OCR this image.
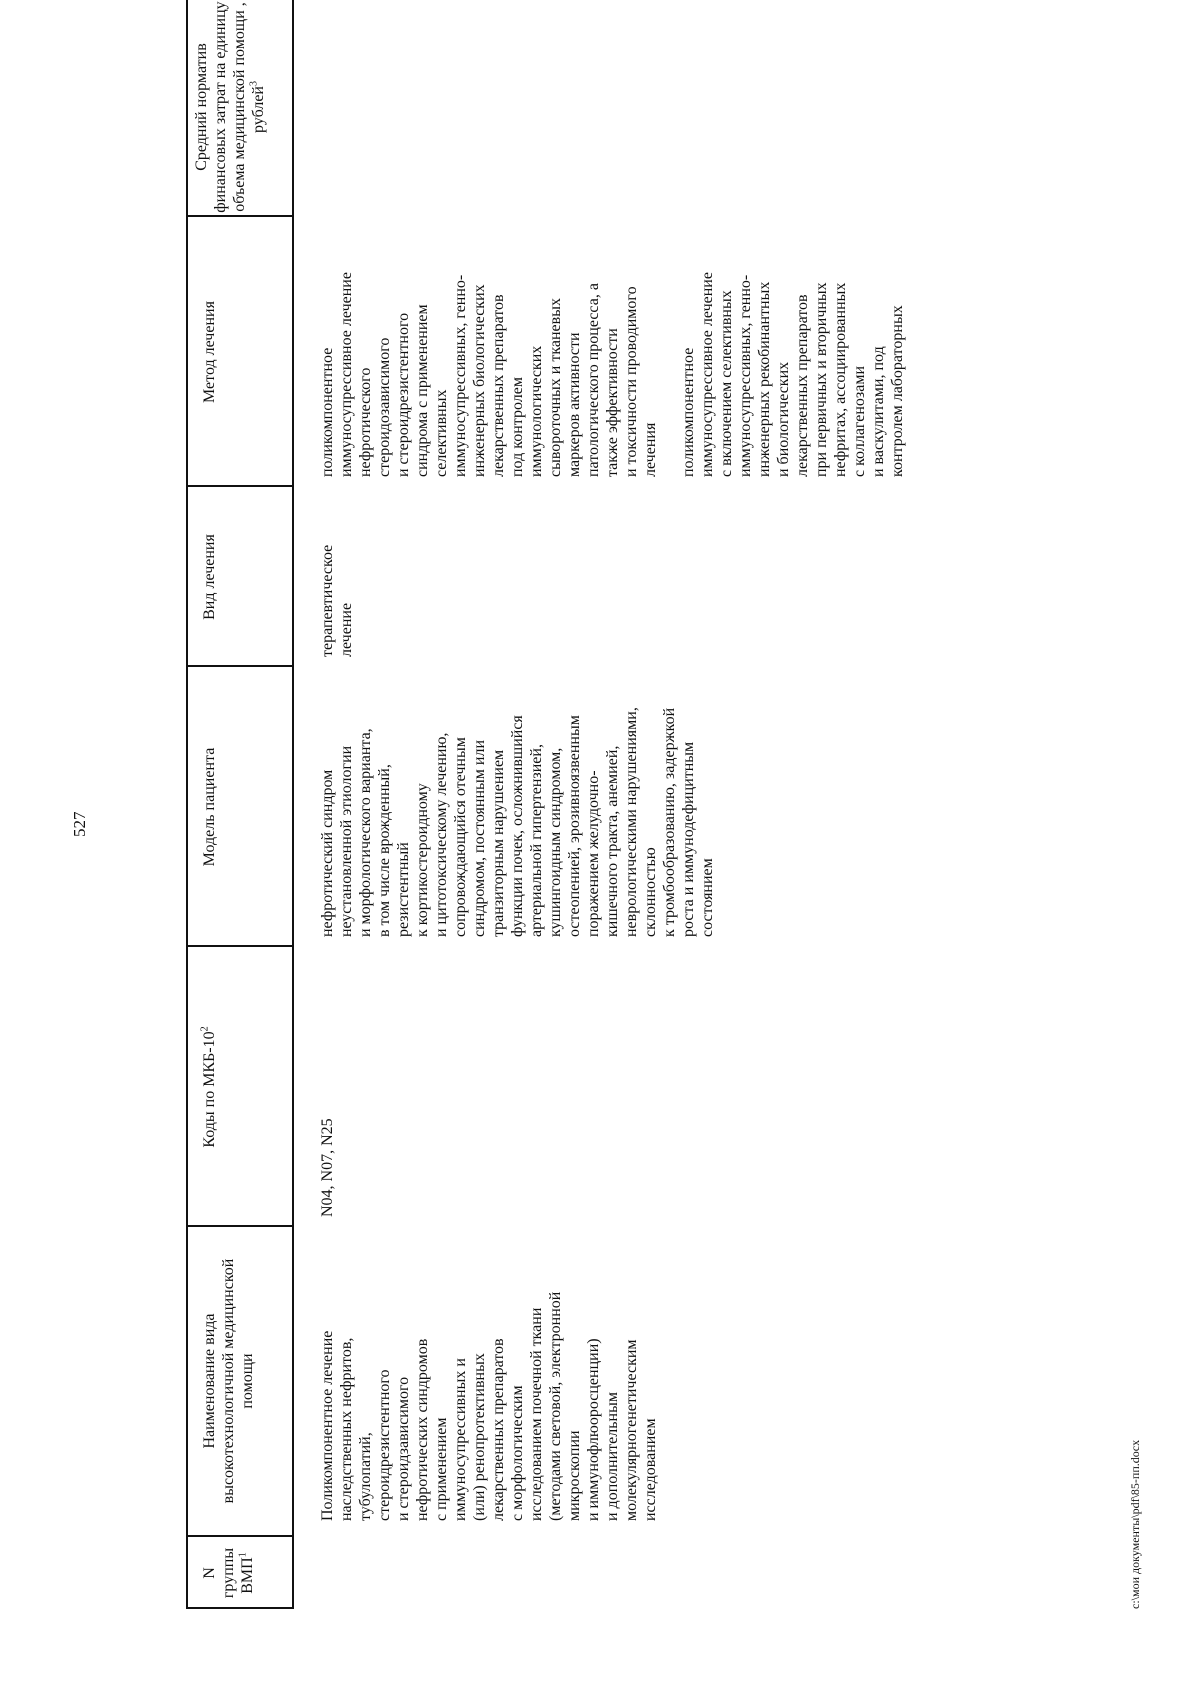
527
N группы ВМП$^1$
Наименование вида высокотехнологичной медицинской помощи
Коды по МКБ-$10^2$
Модель пациента
Вид лечения
Метод лечения
Средний норматив финансовых затрат на единицу объема медицинской помощи , рублей$^3$
Поликомпонентное лечение наследственных нефритов, тубулопатий, стероидрезистентного и стероидзависимого нефротических синдромов с применением иммуносупрессивных и (или) ренопротективных лекарственных препаратов с морфологическим исследованием почечной ткани (методами световой, электронной микроскопии и иммунофлюоросценции) и дополнительным молекулярногенетическим исследованием
N04, N07, N25
нефротический синдром неустановленной этиологии и морфологического варианта, в том числе врожденный, резистентный к кортикостероидному и цитотоксическому лечению, сопровождающийся отечным синдромом, постоянным или транзиторным нарушением функции почек, осложнившийся артериальной гипертензией, кушингоидным синдромом, остеопенией, эрозивноязвенным поражением желудочно- кишечного тракта, анемией, неврологическими нарушениями, склонностью к тромбообразованию, задержкой роста и иммунодефицитным состоянием
терапевтическое лечение
поликомпонентное иммуносупрессивное лечение нефротического стероидозависимого и стероидрезистентного синдрома с применением селективных иммуносупрессивных, генно- инженерных биологических лекарственных препаратов под контролем иммунологических сывороточных и тканевых маркеров активности патологического процесса, а также эффективности и токсичности проводимого лечения поликомпонентное иммуносупрессивное лечение с включением селективных иммуносупрессивных, генно- инженерных рекобинантных и биологических лекарственных препаратов при первичных и вторичных нефритах, ассоциированных с коллагенозами и васкулитами, под контролем лабораторных
c:\мои документы\pdf\85-пп.docx
